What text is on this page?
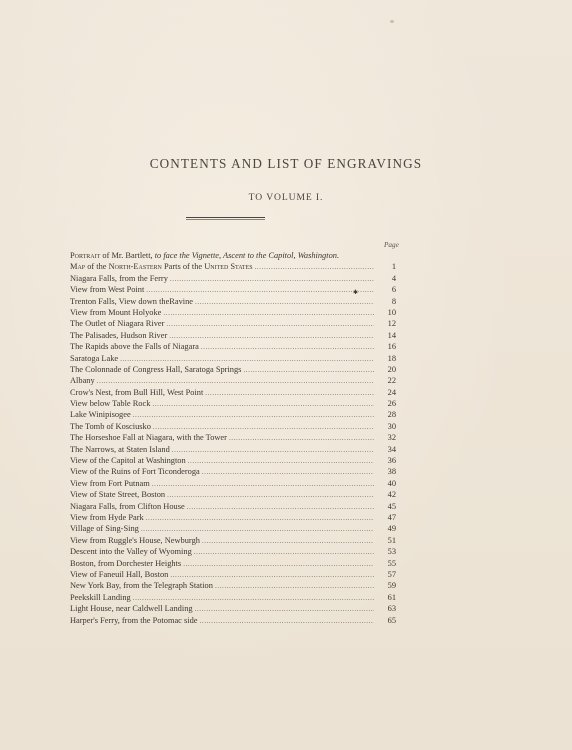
CONTENTS AND LIST OF ENGRAVINGS
TO VOLUME I.
Page
Portrait of Mr. Bartlett, to face the Vignette, Ascent to the Capitol, Washington.
Map of the North-Eastern Parts of the United States .....	1
Niagara Falls, from the Ferry .....	4
View from West Point .....	6
Trenton Falls, View down theRavine .....	8
View from Mount Holyoke .....	10
The Outlet of Niagara River .....	12
The Palisades, Hudson River .....	14
The Rapids above the Falls of Niagara .....	16
Saratoga Lake .....	18
The Colonnade of Congress Hall, Saratoga Springs .....	20
Albany .....	22
Crow's Nest, from Bull Hill, West Point .....	24
View below Table Rock .....	26
Lake Winipisogee .....	28
The Tomb of Kosciusko .....	30
The Horseshoe Fall at Niagara, with the Tower .....	32
The Narrows, at Staten Island .....	34
View of the Capitol at Washington .....	36
View of the Ruins of Fort Ticonderoga .....	38
View from Fort Putnam .....	40
View of State Street, Boston .....	42
Niagara Falls, from Clifton House .....	45
View from Hyde Park .....	47
Village of Sing-Sing .....	49
View from Ruggle's House, Newburgh .....	51
Descent into the Valley of Wyoming .....	53
Boston, from Dorchester Heights .....	55
View of Faneuil Hall, Boston .....	57
New York Bay, from the Telegraph Station .....	59
Peekskill Landing .....	61
Light House, near Caldwell Landing .....	63
Harper's Ferry, from the Potomac side .....	65
✱
